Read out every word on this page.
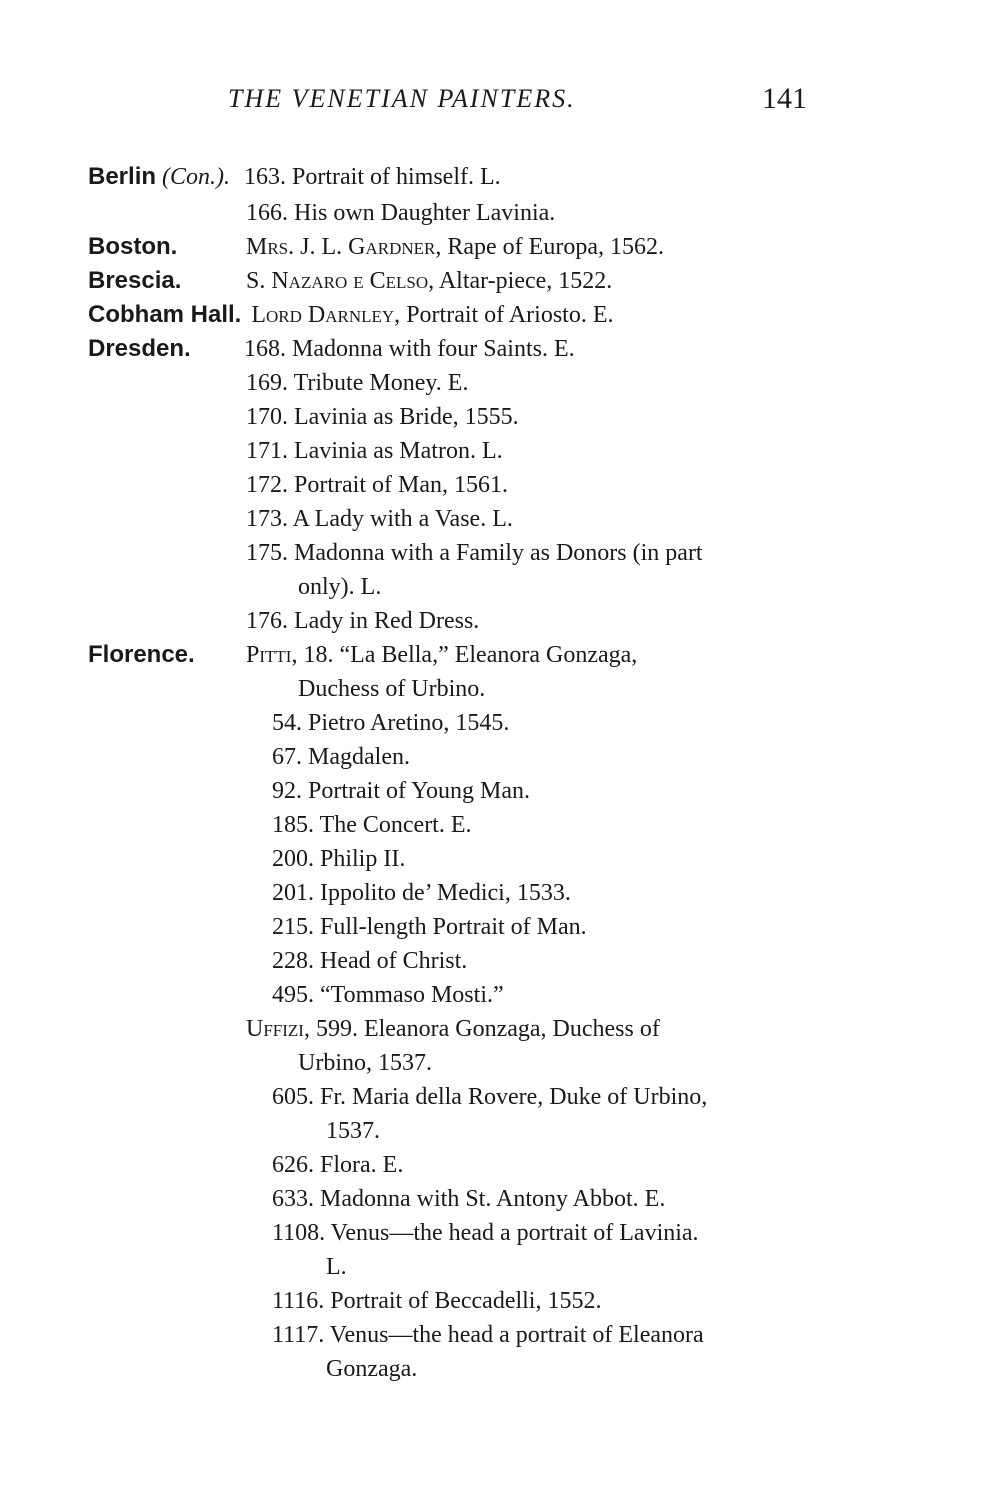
THE VENETIAN PAINTERS.	141
Berlin (Con.). 163. Portrait of himself. L.
166. His own Daughter Lavinia.
Boston.	Mrs. J. L. Gardner, Rape of Europa, 1562.
Brescia.	S. Nazaro e Celso, Altar-piece, 1522.
Cobham Hall. Lord Darnley, Portrait of Ariosto. E.
Dresden. 168. Madonna with four Saints. E.
169. Tribute Money. E.
170. Lavinia as Bride, 1555.
171. Lavinia as Matron. L.
172. Portrait of Man, 1561.
173. A Lady with a Vase. L.
175. Madonna with a Family as Donors (in part
only). L.
176. Lady in Red Dress.
Florence. Pitti, 18. “La Bella,” Eleanora Gonzaga,
Duchess of Urbino.
54. Pietro Aretino, 1545.
67. Magdalen.
92. Portrait of Young Man.
185. The Concert. E.
200. Philip II.
201. Ippolito de’ Medici, 1533.
215. Full-length Portrait of Man.
228. Head of Christ.
495. “Tommaso Mosti.”
Uffizi, 599. Eleanora Gonzaga, Duchess of
Urbino, 1537.
605. Fr. Maria della Rovere, Duke of Urbino,
1537.
626. Flora. E.
633. Madonna with St. Antony Abbot. E.
1108. Venus—the head a portrait of Lavinia.
L.
1116. Portrait of Beccadelli, 1552.
1117. Venus—the head a portrait of Eleanora
Gonzaga.
